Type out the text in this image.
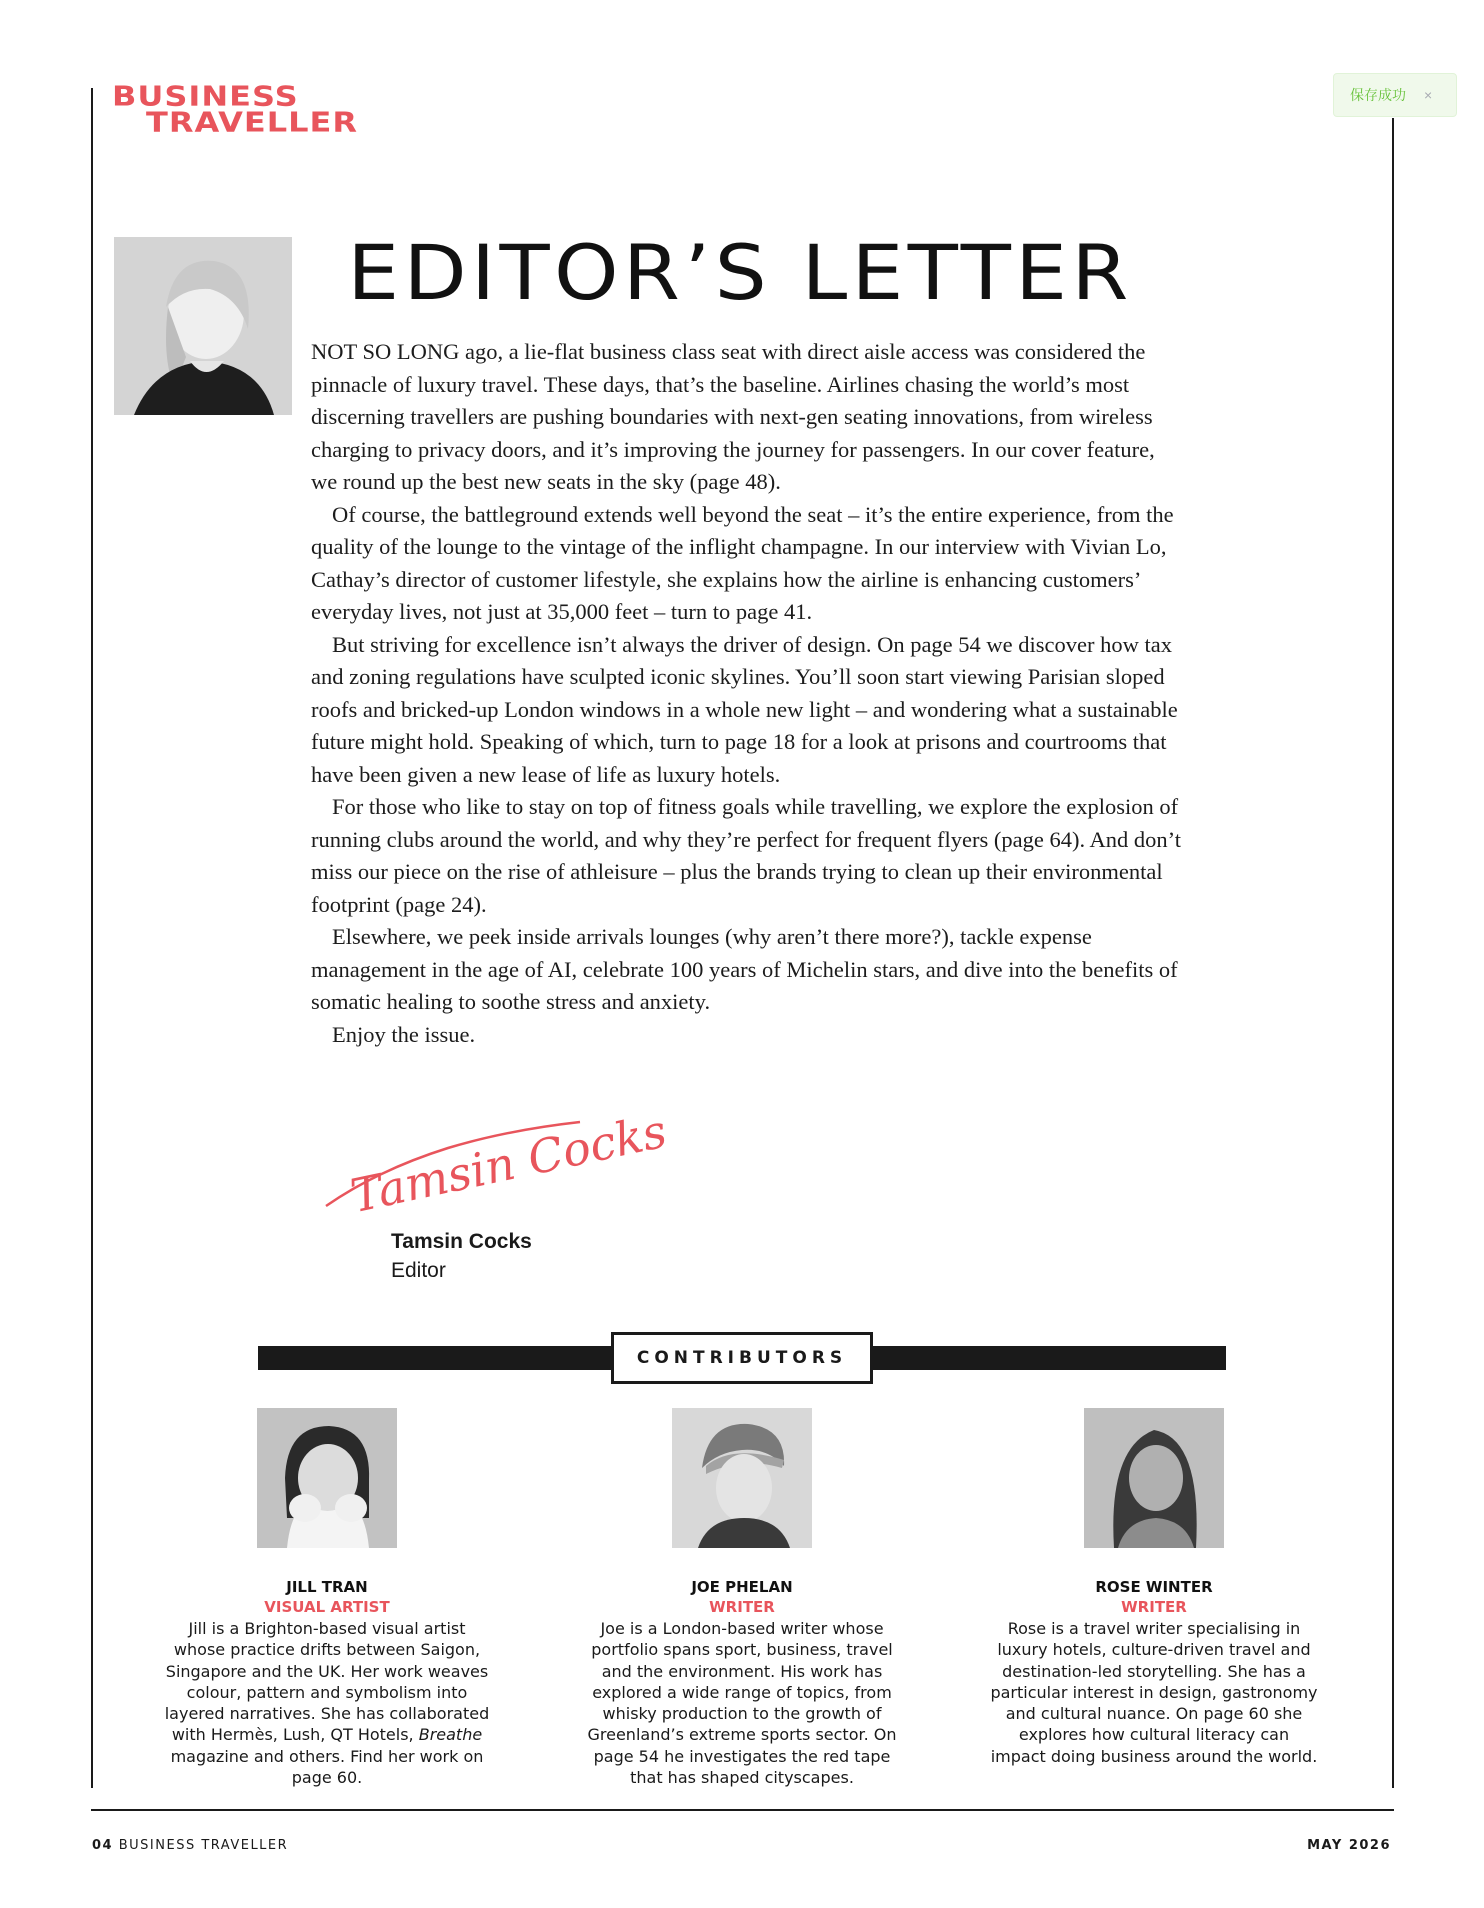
BUSINESS
TRAVELLER
保存成功 ×
EDITOR’S LETTER

NOT SO LONG ago, a lie-flat business class seat with direct aisle access was considered the pinnacle of luxury travel. These days, that’s the baseline. Airlines chasing the world’s most discerning travellers are pushing boundaries with next-gen seating innovations, from wireless charging to privacy doors, and it’s improving the journey for passengers. In our cover feature, we round up the best new seats in the sky (page 48).

Of course, the battleground extends well beyond the seat – it’s the entire experience, from the quality of the lounge to the vintage of the inflight champagne. In our interview with Vivian Lo, Cathay’s director of customer lifestyle, she explains how the airline is enhancing customers’ everyday lives, not just at 35,000 feet – turn to page 41.

But striving for excellence isn’t always the driver of design. On page 54 we discover how tax and zoning regulations have sculpted iconic skylines. You’ll soon start viewing Parisian sloped roofs and bricked-up London windows in a whole new light – and wondering what a sustainable future might hold. Speaking of which, turn to page 18 for a look at prisons and courtrooms that have been given a new lease of life as luxury hotels.

For those who like to stay on top of fitness goals while travelling, we explore the explosion of running clubs around the world, and why they’re perfect for frequent flyers (page 64). And don’t miss our piece on the rise of athleisure – plus the brands trying to clean up their environmental footprint (page 24).

Elsewhere, we peek inside arrivals lounges (why aren’t there more?), tackle expense management in the age of AI, celebrate 100 years of Michelin stars, and dive into the benefits of somatic healing to soothe stress and anxiety.

Enjoy the issue.

Tamsin Cocks
Tamsin Cocks
Editor
CONTRIBUTORS
JILL TRAN
VISUAL ARTIST
Jill is a Brighton-based visual artist whose practice drifts between Saigon, Singapore and the UK. Her work weaves colour, pattern and symbolism into layered narratives. She has collaborated with Hermès, Lush, QT Hotels, Breathe magazine and others. Find her work on page 60.
JOE PHELAN
WRITER
Joe is a London-based writer whose portfolio spans sport, business, travel and the environment. His work has explored a wide range of topics, from whisky production to the growth of Greenland’s extreme sports sector. On page 54 he investigates the red tape that has shaped cityscapes.
ROSE WINTER
WRITER
Rose is a travel writer specialising in luxury hotels, culture-driven travel and destination-led storytelling. She has a particular interest in design, gastronomy and cultural nuance. On page 60 she explores how cultural literacy can impact doing business around the world.
04 BUSINESS TRAVELLER	MAY 2026
